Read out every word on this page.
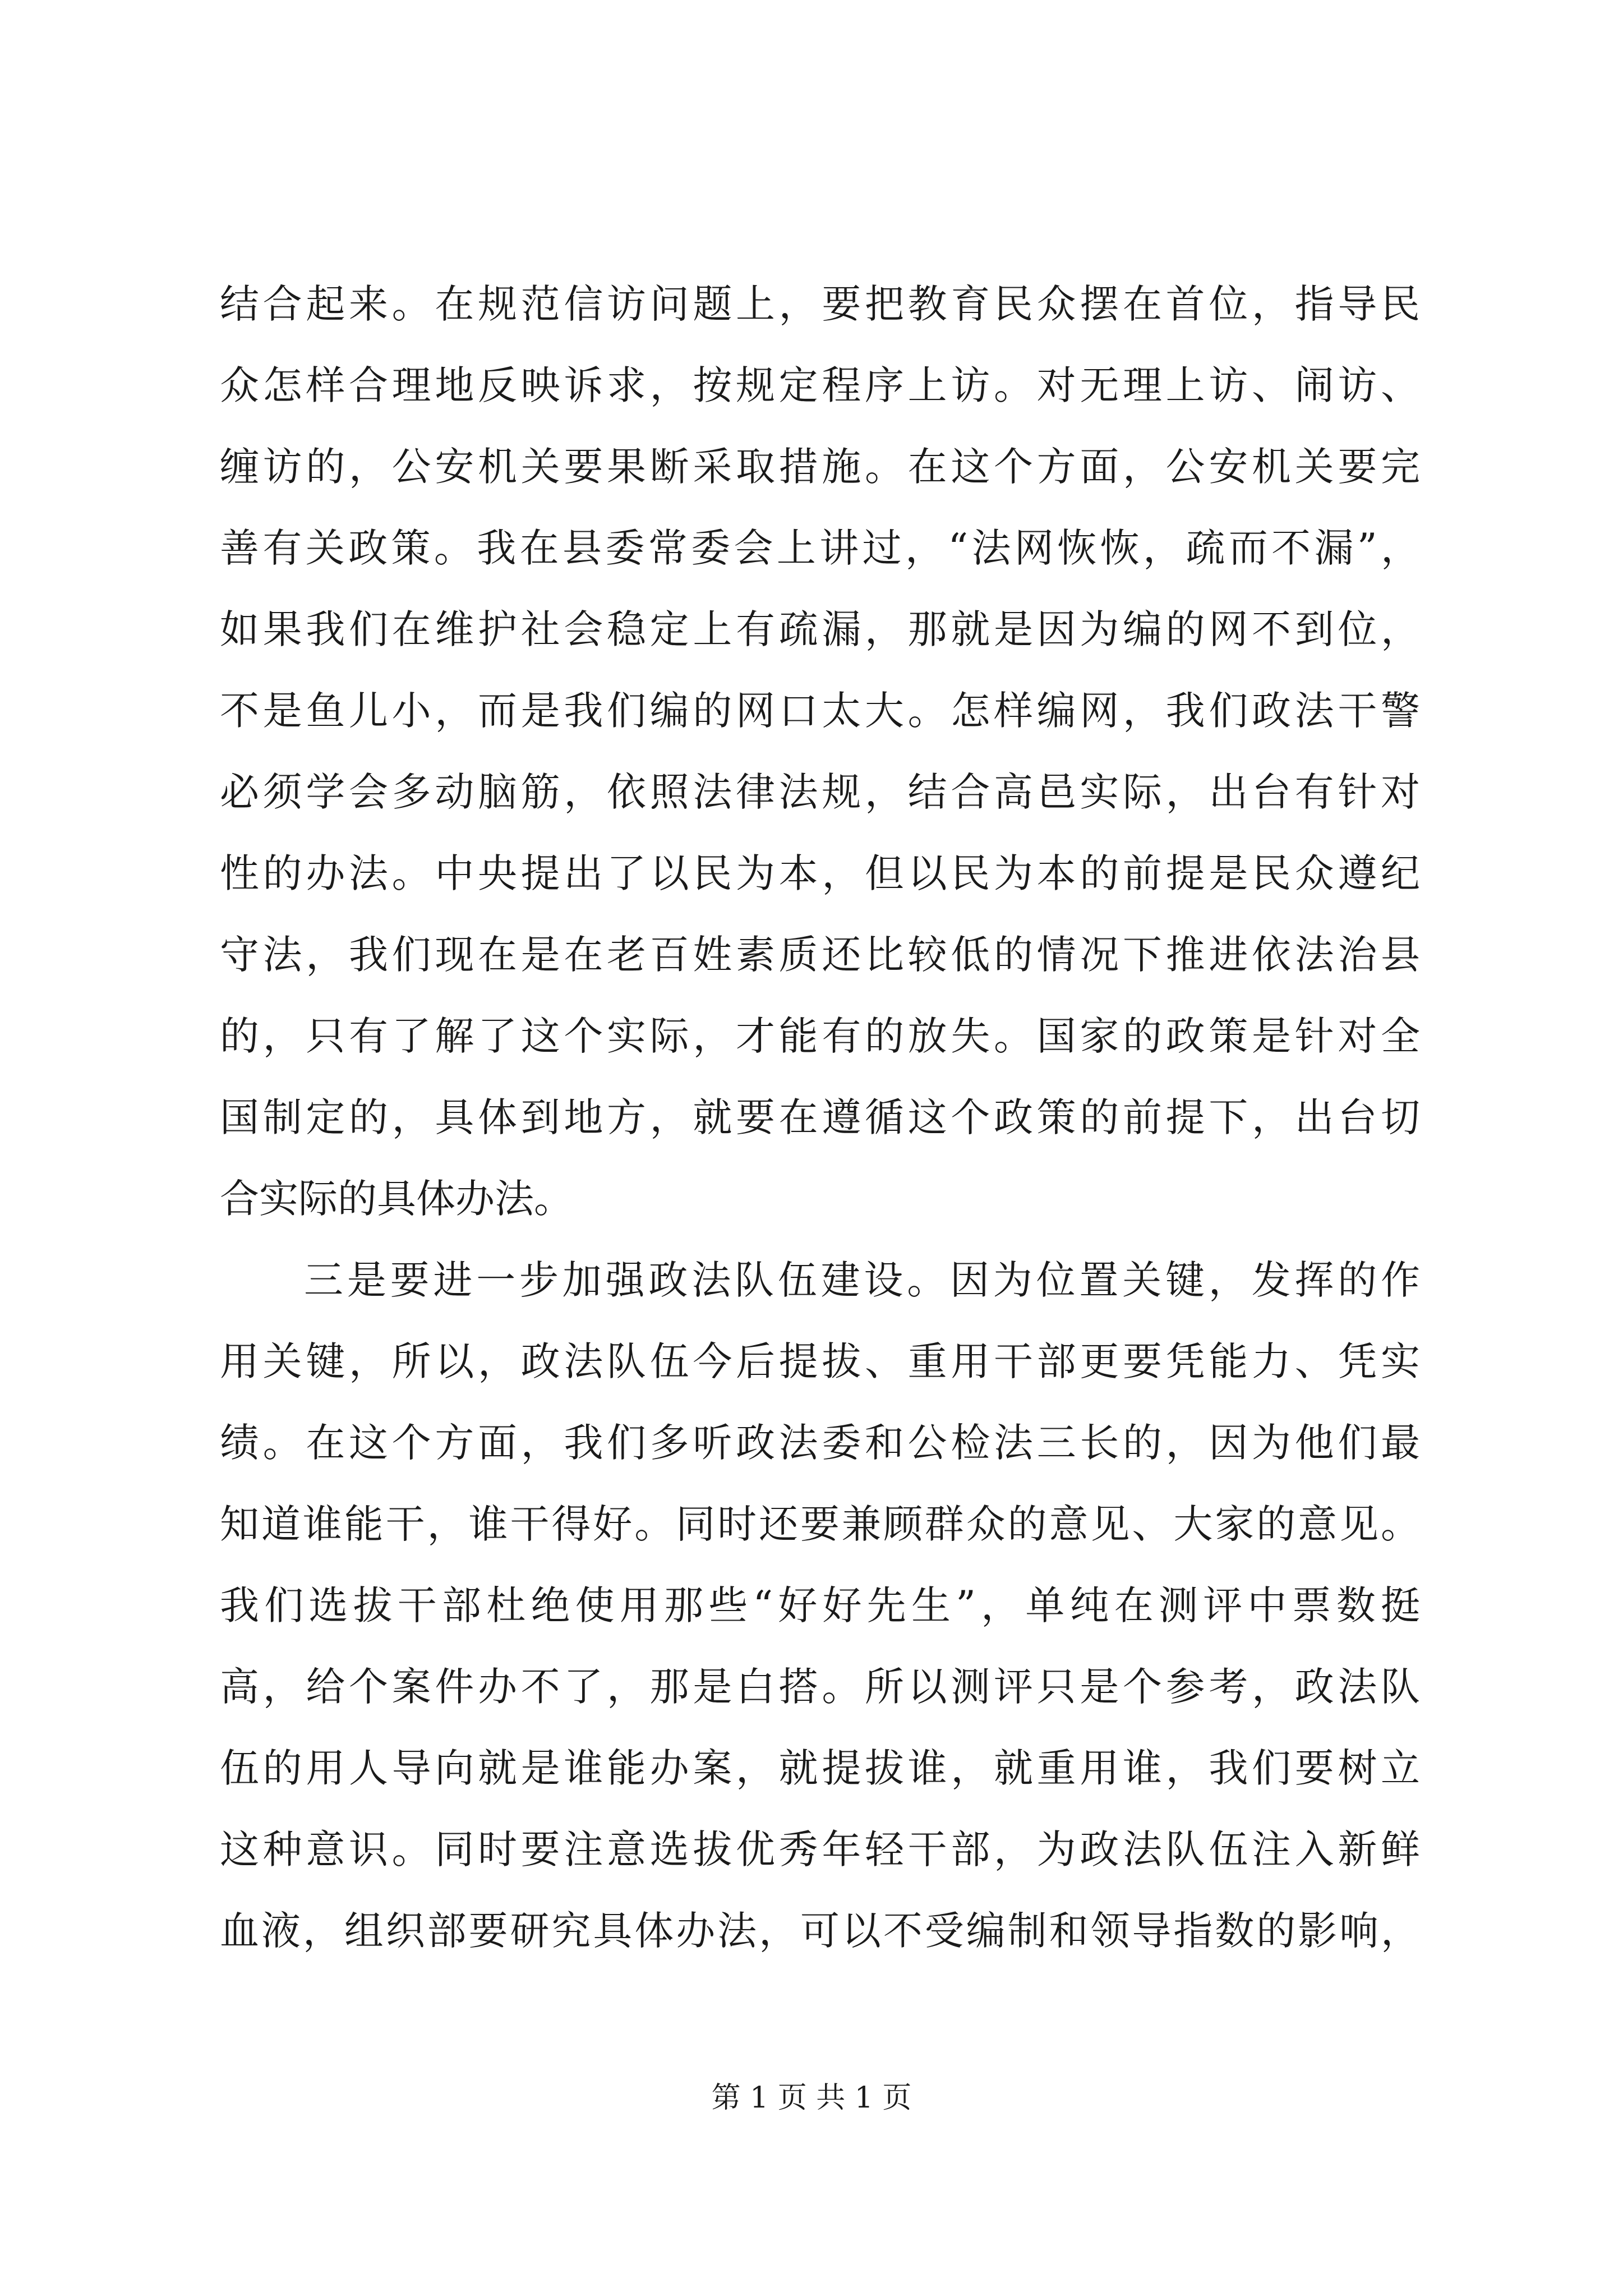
结合起来。在规范信访问题上，要把教育民众摆在首位，指导民
众怎样合理地反映诉求，按规定程序上访。对无理上访、闹访、
缠访的，公安机关要果断采取措施。在这个方面，公安机关要完
善有关政策。我在县委常委会上讲过，“法网恢恢，疏而不漏”，
如果我们在维护社会稳定上有疏漏，那就是因为编的网不到位，
不是鱼儿小，而是我们编的网口太大。怎样编网，我们政法干警
必须学会多动脑筋，依照法律法规，结合高邑实际，出台有针对
性的办法。中央提出了以民为本，但以民为本的前提是民众遵纪
守法，我们现在是在老百姓素质还比较低的情况下推进依法治县
的，只有了解了这个实际，才能有的放失。国家的政策是针对全
国制定的，具体到地方，就要在遵循这个政策的前提下，出台切
合实际的具体办法。
三是要进一步加强政法队伍建设。因为位置关键，发挥的作
用关键，所以，政法队伍今后提拔、重用干部更要凭能力、凭实
绩。在这个方面，我们多听政法委和公检法三长的，因为他们最
知道谁能干，谁干得好。同时还要兼顾群众的意见、大家的意见。
我们选拔干部杜绝使用那些“好好先生”，单纯在测评中票数挺
高，给个案件办不了，那是白搭。所以测评只是个参考，政法队
伍的用人导向就是谁能办案，就提拔谁，就重用谁，我们要树立
这种意识。同时要注意选拔优秀年轻干部，为政法队伍注入新鲜
血液，组织部要研究具体办法，可以不受编制和领导指数的影响，
第 1 页 共 1 页
